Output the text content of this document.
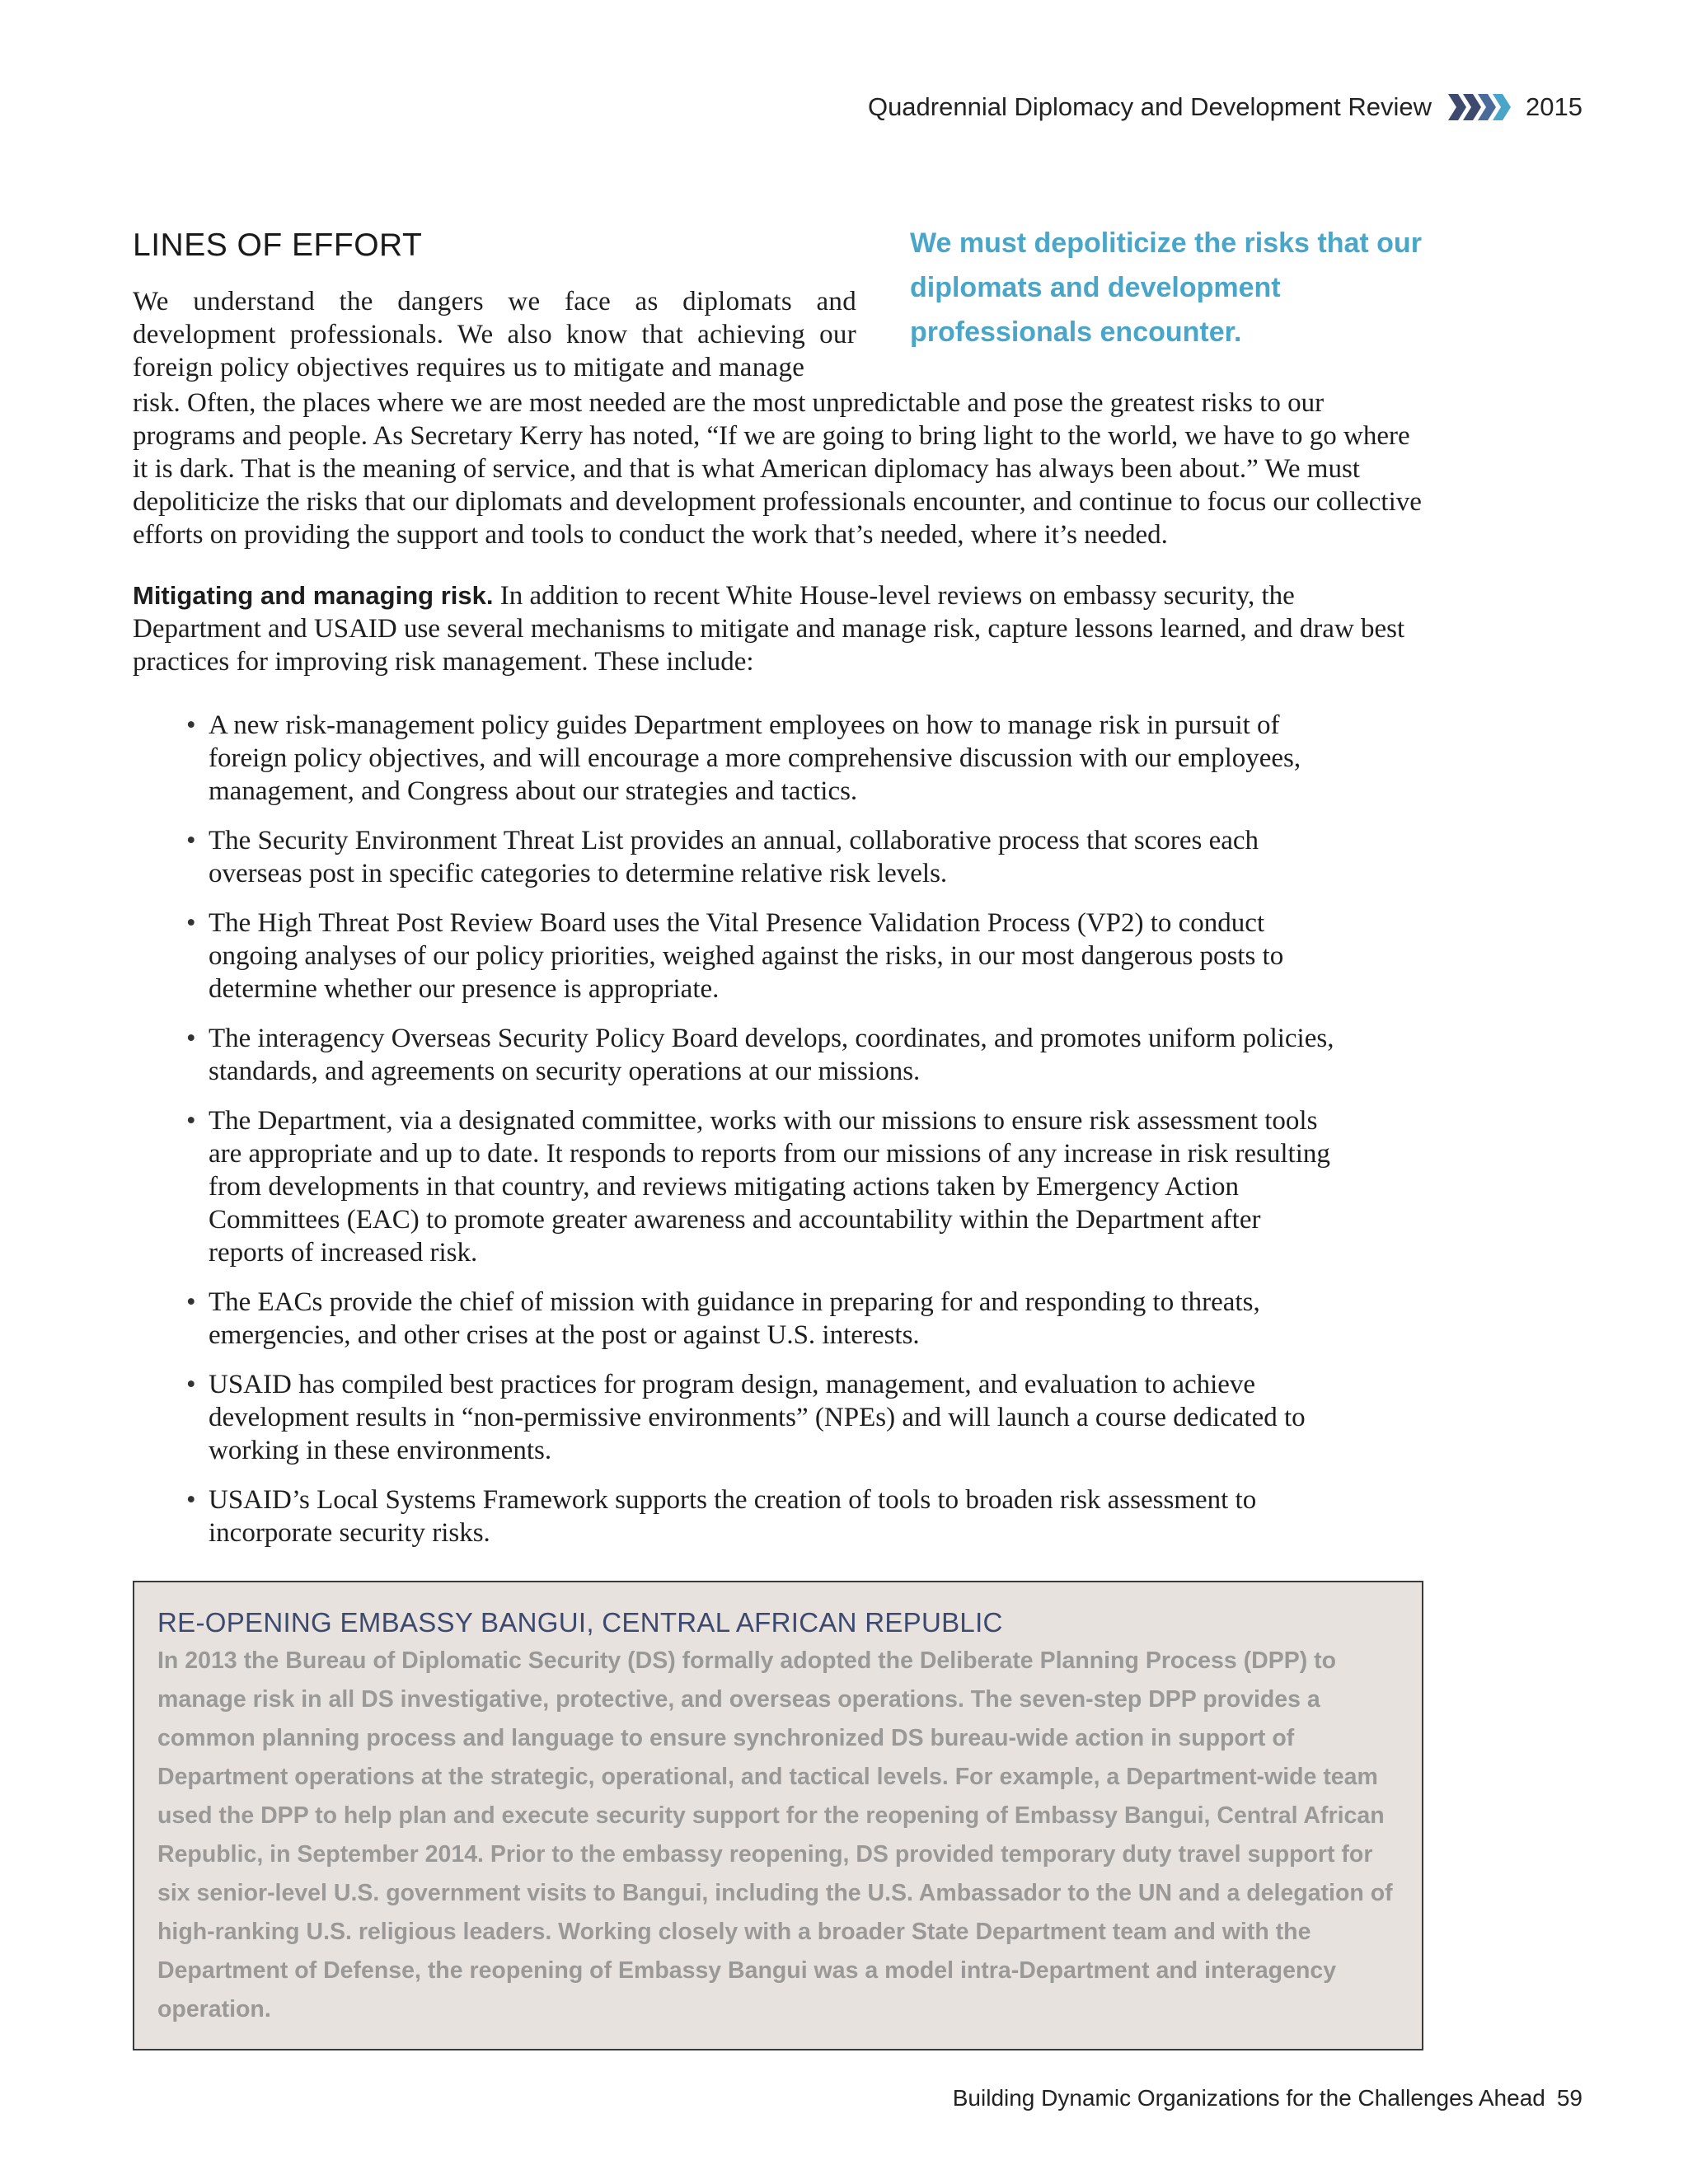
Quadrennial Diplomacy and Development Review	2015
LINES OF EFFORT	We must depoliticize the risks that our diplomats and development professionals encounter.

We understand the dangers we face as diplomats and development professionals. We also know that achieving our foreign policy objectives requires us to mitigate and manage

risk. Often, the places where we are most needed are the most unpredictable and pose the greatest risks to our programs and people. As Secretary Kerry has noted, “If we are going to bring light to the world, we have to go where it is dark. That is the meaning of service, and that is what American diplomacy has always been about.” We must depoliticize the risks that our diplomats and development professionals encounter, and continue to focus our collective efforts on providing the support and tools to conduct the work that’s needed, where it’s needed.

Mitigating and managing risk. In addition to recent White House-level reviews on embassy security, the Department and USAID use several mechanisms to mitigate and manage risk, capture lessons learned, and draw best practices for improving risk management. These include:

• A new risk-management policy guides Department employees on how to manage risk in pursuit of foreign policy objectives, and will encourage a more comprehensive discussion with our employees, management, and Congress about our strategies and tactics.
• The Security Environment Threat List provides an annual, collaborative process that scores each overseas post in specific categories to determine relative risk levels.
• The High Threat Post Review Board uses the Vital Presence Validation Process (VP2) to conduct ongoing analyses of our policy priorities, weighed against the risks, in our most dangerous posts to determine whether our presence is appropriate.
• The interagency Overseas Security Policy Board develops, coordinates, and promotes uniform policies, standards, and agreements on security operations at our missions.
• The Department, via a designated committee, works with our missions to ensure risk assessment tools are appropriate and up to date. It responds to reports from our missions of any increase in risk resulting from developments in that country, and reviews mitigating actions taken by Emergency Action Committees (EAC) to promote greater awareness and accountability within the Department after reports of increased risk.
• The EACs provide the chief of mission with guidance in preparing for and responding to threats, emergencies, and other crises at the post or against U.S. interests.
• USAID has compiled best practices for program design, management, and evaluation to achieve development results in “non-permissive environments” (NPEs) and will launch a course dedicated to working in these environments.
• USAID’s Local Systems Framework supports the creation of tools to broaden risk assessment to incorporate security risks.
RE-OPENING EMBASSY BANGUI, CENTRAL AFRICAN REPUBLIC

In 2013 the Bureau of Diplomatic Security (DS) formally adopted the Deliberate Planning Process (DPP) to manage risk in all DS investigative, protective, and overseas operations. The seven-step DPP provides a common planning process and language to ensure synchronized DS bureau-wide action in support of Department operations at the strategic, operational, and tactical levels. For example, a Department-wide team used the DPP to help plan and execute security support for the reopening of Embassy Bangui, Central African Republic, in September 2014. Prior to the embassy reopening, DS provided temporary duty travel support for six senior-level U.S. government visits to Bangui, including the U.S. Ambassador to the UN and a delegation of high-ranking U.S. religious leaders. Working closely with a broader State Department team and with the Department of Defense, the reopening of Embassy Bangui was a model intra-Department and interagency operation.

Building Dynamic Organizations for the Challenges Ahead 59
